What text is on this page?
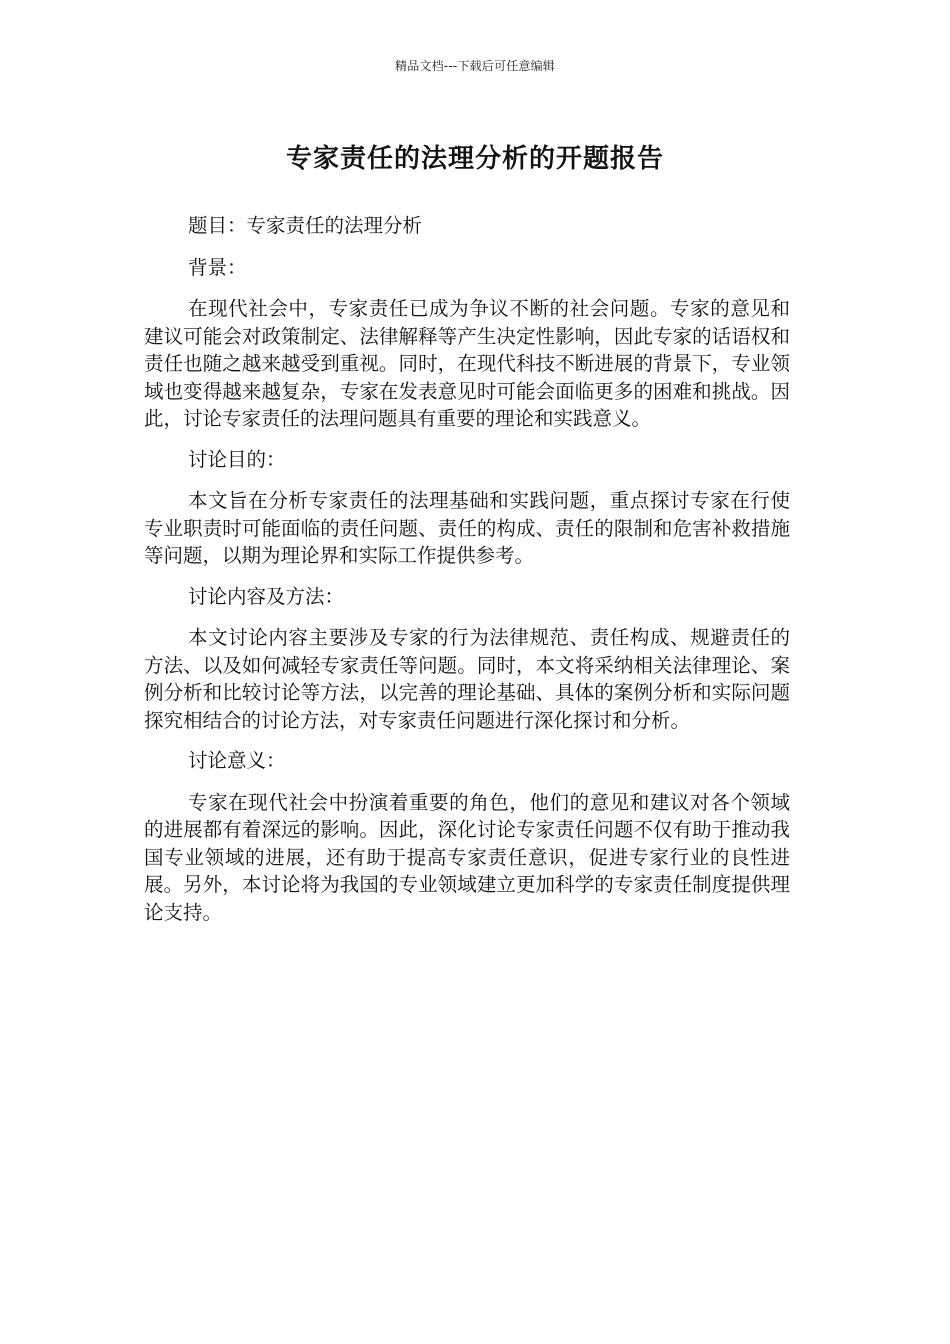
精品文档---下载后可任意编辑
专家责任的法理分析的开题报告

题目：专家责任的法理分析

背景：

在现代社会中，专家责任已成为争议不断的社会问题。专家的意见和建议可能会对政策制定、法律解释等产生决定性影响，因此专家的话语权和责任也随之越来越受到重视。同时，在现代科技不断进展的背景下，专业领域也变得越来越复杂，专家在发表意见时可能会面临更多的困难和挑战。因此，讨论专家责任的法理问题具有重要的理论和实践意义。

讨论目的：

本文旨在分析专家责任的法理基础和实践问题，重点探讨专家在行使专业职责时可能面临的责任问题、责任的构成、责任的限制和危害补救措施等问题，以期为理论界和实际工作提供参考。

讨论内容及方法：

本文讨论内容主要涉及专家的行为法律规范、责任构成、规避责任的方法、以及如何减轻专家责任等问题。同时，本文将采纳相关法律理论、案例分析和比较讨论等方法，以完善的理论基础、具体的案例分析和实际问题探究相结合的讨论方法，对专家责任问题进行深化探讨和分析。

讨论意义：

专家在现代社会中扮演着重要的角色，他们的意见和建议对各个领域的进展都有着深远的影响。因此，深化讨论专家责任问题不仅有助于推动我国专业领域的进展，还有助于提高专家责任意识，促进专家行业的良性进展。另外，本讨论将为我国的专业领域建立更加科学的专家责任制度提供理论支持。
